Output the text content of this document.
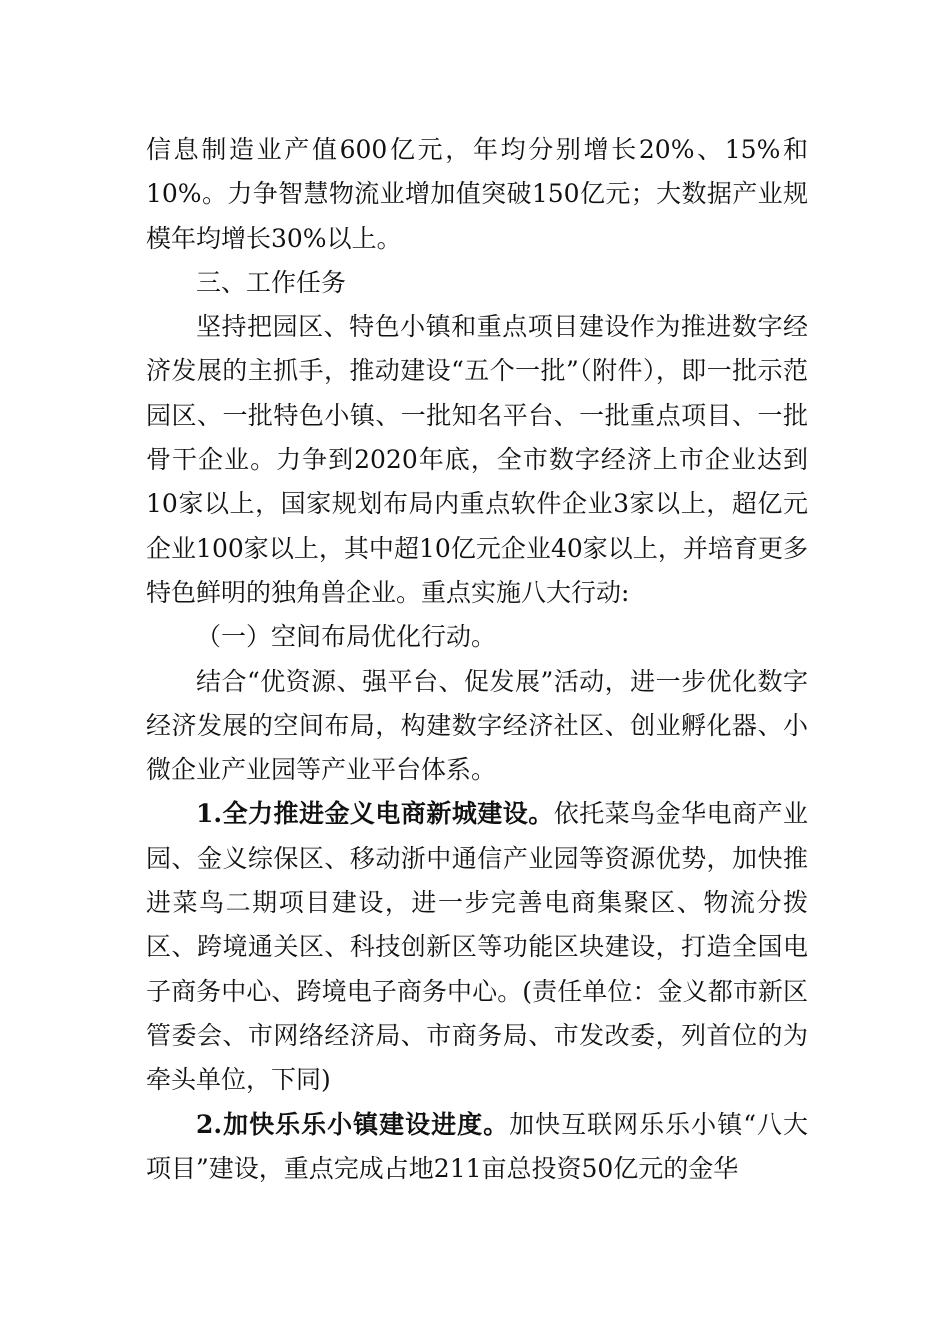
信息制造业产值600亿元，年均分别增长20%、15%和10%。力争智慧物流业增加值突破150亿元；大数据产业规模年均增长30%以上。

三、工作任务

坚持把园区、特色小镇和重点项目建设作为推进数字经济发展的主抓手，推动建设“五个一批”（附件），即一批示范园区、一批特色小镇、一批知名平台、一批重点项目、一批骨干企业。力争到2020年底，全市数字经济上市企业达到10家以上，国家规划布局内重点软件企业3家以上，超亿元企业100家以上，其中超10亿元企业40家以上，并培育更多特色鲜明的独角兽企业。重点实施八大行动:

（一）空间布局优化行动。

结合“优资源、强平台、促发展”活动，进一步优化数字经济发展的空间布局，构建数字经济社区、创业孵化器、小微企业产业园等产业平台体系。

1.全力推进金义电商新城建设。依托菜鸟金华电商产业园、金义综保区、移动浙中通信产业园等资源优势，加快推进菜鸟二期项目建设，进一步完善电商集聚区、物流分拨区、跨境通关区、科技创新区等功能区块建设，打造全国电子商务中心、跨境电子商务中心。(责任单位：金义都市新区管委会、市网络经济局、市商务局、市发改委，列首位的为牵头单位，下同)

2.加快乐乐小镇建设进度。加快互联网乐乐小镇“八大项目”建设，重点完成占地211亩总投资50亿元的金华
